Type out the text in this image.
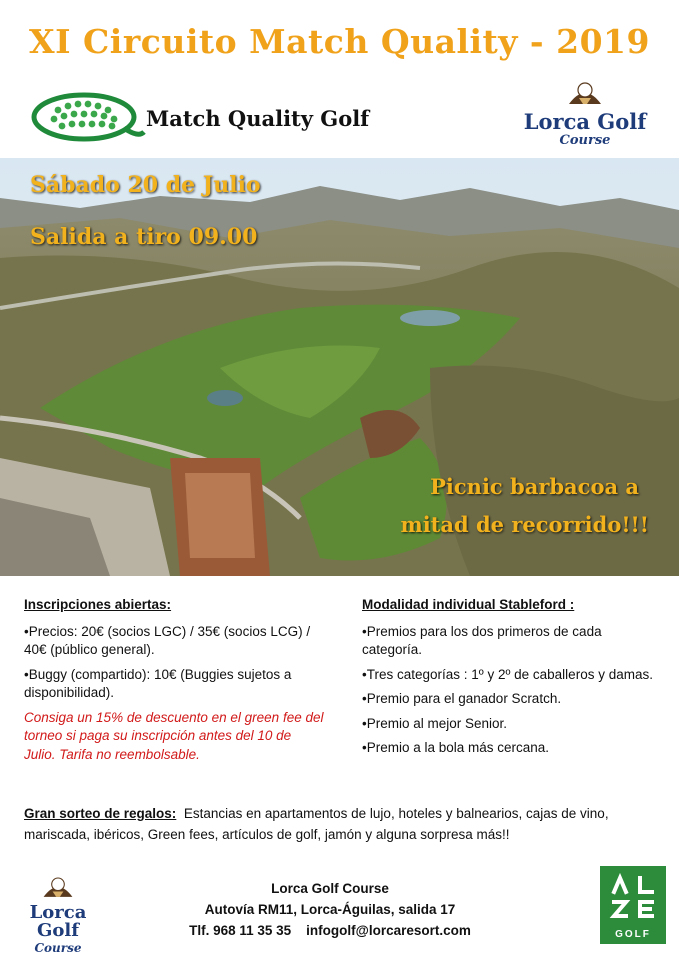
XI Circuito Match Quality - 2019
Match Quality Golf	Lorca Golf
Course
Sábado 20 de Julio
Salida a tiro 09.00
Picnic barbacoa a
mitad de recorrido!!!
Inscripciones abiertas:
•Precios: 20€ (socios LGC) / 35€ (socios LCG) / 40€ (público general).
•Buggy (compartido): 10€ (Buggies sujetos a disponibilidad).
Consiga un 15% de descuento en el green fee del torneo si paga su inscripción antes del 10 de Julio. Tarifa no reembolsable.
Modalidad individual Stableford :
•Premios para los dos primeros de cada categoría.
•Tres categorías : 1º y 2º de caballeros y damas.
•Premio para el ganador Scratch.
•Premio al mejor Senior.
•Premio a la bola más cercana.
Gran sorteo de regalos: Estancias en apartamentos de lujo, hoteles y balnearios, cajas de vino, mariscada, ibéricos, Green fees, artículos de golf, jamón y alguna sorpresa más!!
Lorca Golf
Course
Lorca Golf Course
Autovía RM11, Lorca-Águilas, salida 17
Tlf. 968 11 35 35    infogolf@lorcaresort.com	GOLF
